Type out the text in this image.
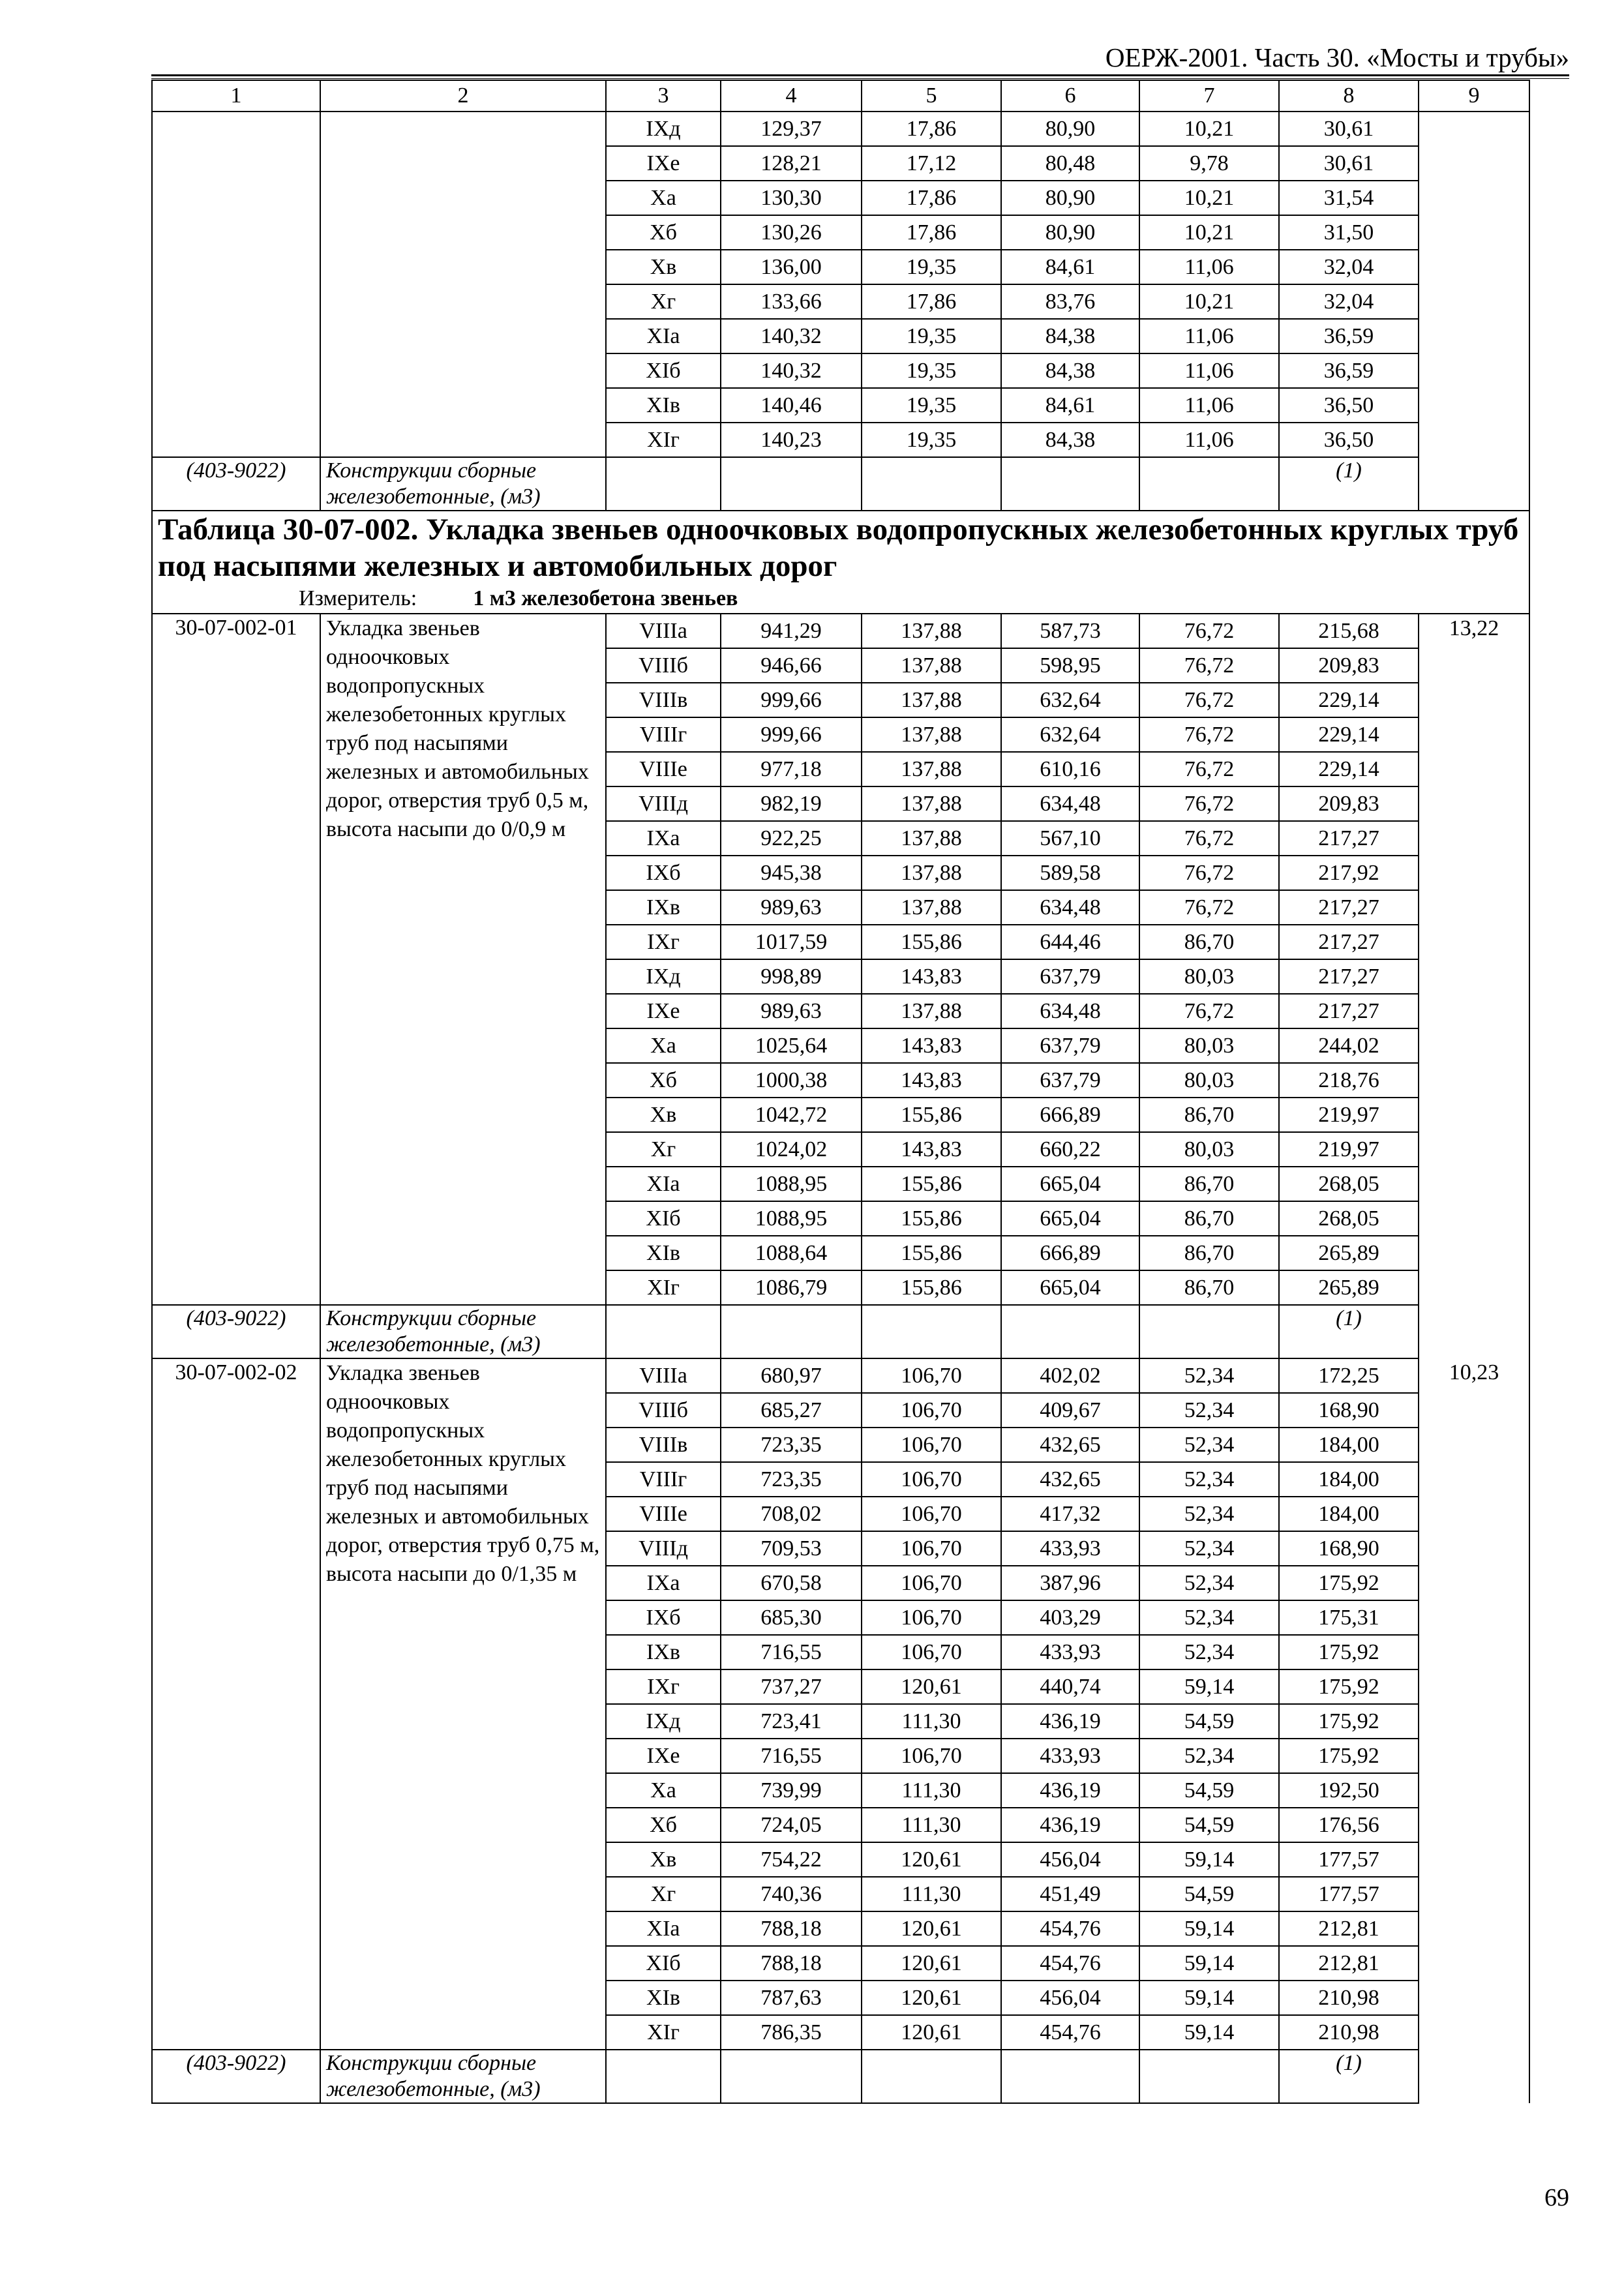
ОЕРЖ-2001. Часть 30. «Мосты и трубы»
1	2	3	4	5	6	7	8	9
		IXд	129,37	17,86	80,90	10,21	30,61	
		IXе	128,21	17,12	80,48	9,78	30,61	
		Xа	130,30	17,86	80,90	10,21	31,54	
		Xб	130,26	17,86	80,90	10,21	31,50	
		Xв	136,00	19,35	84,61	11,06	32,04	
		Xг	133,66	17,86	83,76	10,21	32,04	
		XIа	140,32	19,35	84,38	11,06	36,59	
		XIб	140,32	19,35	84,38	11,06	36,59	
		XIв	140,46	19,35	84,61	11,06	36,50	
		XIг	140,23	19,35	84,38	11,06	36,50	
(403-9022)	Конструкции сборные железобетонные, (м3)						(1)	

Таблица 30-07-002. Укладка звеньев одноочковых водопропускных железобетонных круглых труб под насыпями железных и автомобильных дорог
Измеритель: 1 м3 железобетона звеньев								

30-07-002-01	Укладка звеньев одноочковых водопропускных железобетонных круглых труб под насыпями железных и автомобильных дорог, отверстия труб 0,5 м, высота насыпи до 0/0,9 м	VIIIа	941,29	137,88	587,73	76,72	215,68	13,22
		VIIIб	946,66	137,88	598,95	76,72	209,83	
		VIIIв	999,66	137,88	632,64	76,72	229,14	
		VIIIг	999,66	137,88	632,64	76,72	229,14	
		VIIIе	977,18	137,88	610,16	76,72	229,14	
		VIIIд	982,19	137,88	634,48	76,72	209,83	
		IXа	922,25	137,88	567,10	76,72	217,27	
		IXб	945,38	137,88	589,58	76,72	217,92	
		IXв	989,63	137,88	634,48	76,72	217,27	
		IXг	1017,59	155,86	644,46	86,70	217,27	
		IXд	998,89	143,83	637,79	80,03	217,27	
		IXе	989,63	137,88	634,48	76,72	217,27	
		Xа	1025,64	143,83	637,79	80,03	244,02	
		Xб	1000,38	143,83	637,79	80,03	218,76	
		Xв	1042,72	155,86	666,89	86,70	219,97	
		Xг	1024,02	143,83	660,22	80,03	219,97	
		XIа	1088,95	155,86	665,04	86,70	268,05	
		XIб	1088,95	155,86	665,04	86,70	268,05	
		XIв	1088,64	155,86	666,89	86,70	265,89	
		XIг	1086,79	155,86	665,04	86,70	265,89	
(403-9022)	Конструкции сборные железобетонные, (м3)						(1)	
30-07-002-02	Укладка звеньев одноочковых водопропускных железобетонных круглых труб под насыпями железных и автомобильных дорог, отверстия труб 0,75 м, высота насыпи до 0/1,35 м	VIIIа	680,97	106,70	402,02	52,34	172,25	10,23
		VIIIб	685,27	106,70	409,67	52,34	168,90	
		VIIIв	723,35	106,70	432,65	52,34	184,00	
		VIIIг	723,35	106,70	432,65	52,34	184,00	
		VIIIе	708,02	106,70	417,32	52,34	184,00	
		VIIIд	709,53	106,70	433,93	52,34	168,90	
		IXа	670,58	106,70	387,96	52,34	175,92	
		IXб	685,30	106,70	403,29	52,34	175,31	
		IXв	716,55	106,70	433,93	52,34	175,92	
		IXг	737,27	120,61	440,74	59,14	175,92	
		IXд	723,41	111,30	436,19	54,59	175,92	
		IXе	716,55	106,70	433,93	52,34	175,92	
		Xа	739,99	111,30	436,19	54,59	192,50	
		Xб	724,05	111,30	436,19	54,59	176,56	
		Xв	754,22	120,61	456,04	59,14	177,57	
		Xг	740,36	111,30	451,49	54,59	177,57	
		XIа	788,18	120,61	454,76	59,14	212,81	
		XIб	788,18	120,61	454,76	59,14	212,81	
		XIв	787,63	120,61	456,04	59,14	210,98	
		XIг	786,35	120,61	454,76	59,14	210,98	
(403-9022)	Конструкции сборные железобетонные, (м3)						(1)	
69
